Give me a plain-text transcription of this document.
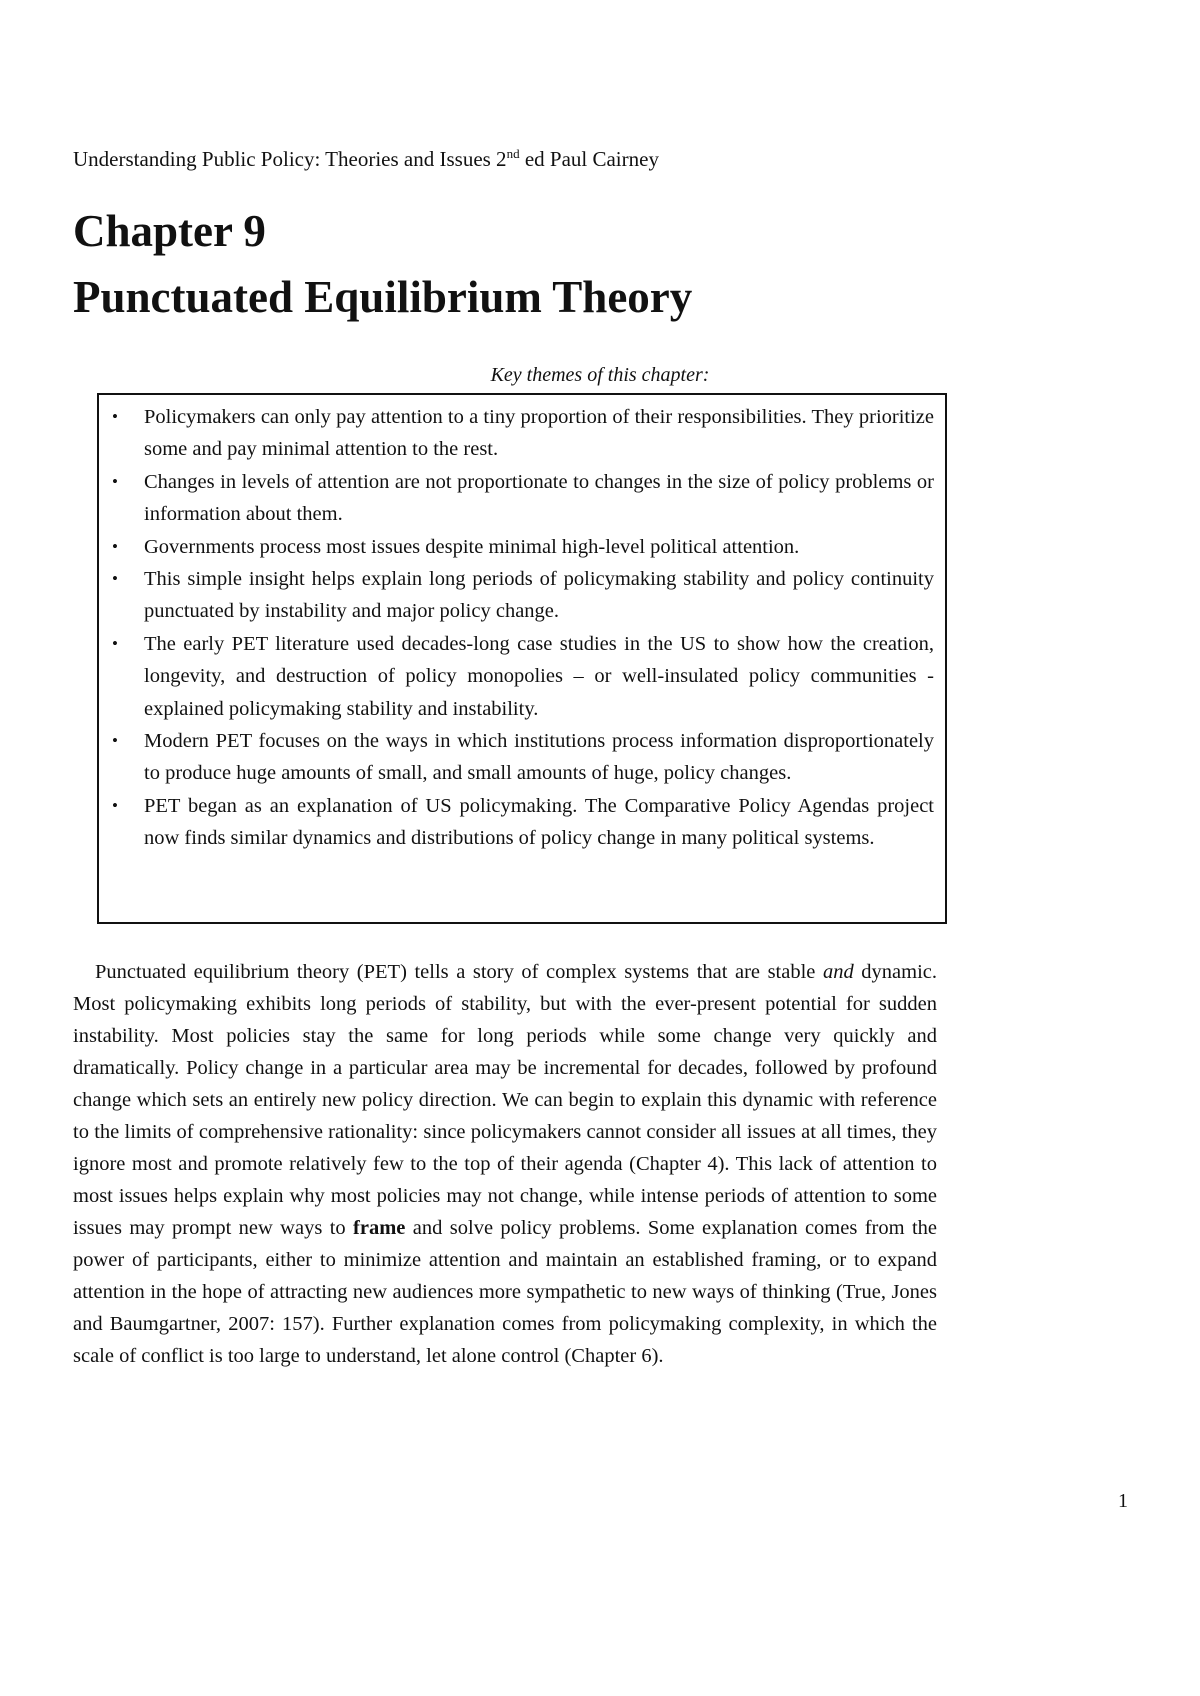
Understanding Public Policy: Theories and Issues 2nd ed Paul Cairney
Chapter 9
Punctuated Equilibrium Theory
Key themes of this chapter:
• Policymakers can only pay attention to a tiny proportion of their responsibilities. They prioritize some and pay minimal attention to the rest.
• Changes in levels of attention are not proportionate to changes in the size of policy problems or information about them.
• Governments process most issues despite minimal high-level political attention.
• This simple insight helps explain long periods of policymaking stability and policy continuity punctuated by instability and major policy change.
• The early PET literature used decades-long case studies in the US to show how the creation, longevity, and destruction of policy monopolies – or well-insulated policy communities - explained policymaking stability and instability.
• Modern PET focuses on the ways in which institutions process information disproportionately to produce huge amounts of small, and small amounts of huge, policy changes.
• PET began as an explanation of US policymaking. The Comparative Policy Agendas project now finds similar dynamics and distributions of policy change in many political systems.

Punctuated equilibrium theory (PET) tells a story of complex systems that are stable and dynamic. Most policymaking exhibits long periods of stability, but with the ever-present potential for sudden instability. Most policies stay the same for long periods while some change very quickly and dramatically. Policy change in a particular area may be incremental for decades, followed by profound change which sets an entirely new policy direction. We can begin to explain this dynamic with reference to the limits of comprehensive rationality: since policymakers cannot consider all issues at all times, they ignore most and promote relatively few to the top of their agenda (Chapter 4). This lack of attention to most issues helps explain why most policies may not change, while intense periods of attention to some issues may prompt new ways to frame and solve policy problems. Some explanation comes from the power of participants, either to minimize attention and maintain an established framing, or to expand attention in the hope of attracting new audiences more sympathetic to new ways of thinking (True, Jones and Baumgartner, 2007: 157). Further explanation comes from policymaking complexity, in which the scale of conflict is too large to understand, let alone control (Chapter 6).

1
